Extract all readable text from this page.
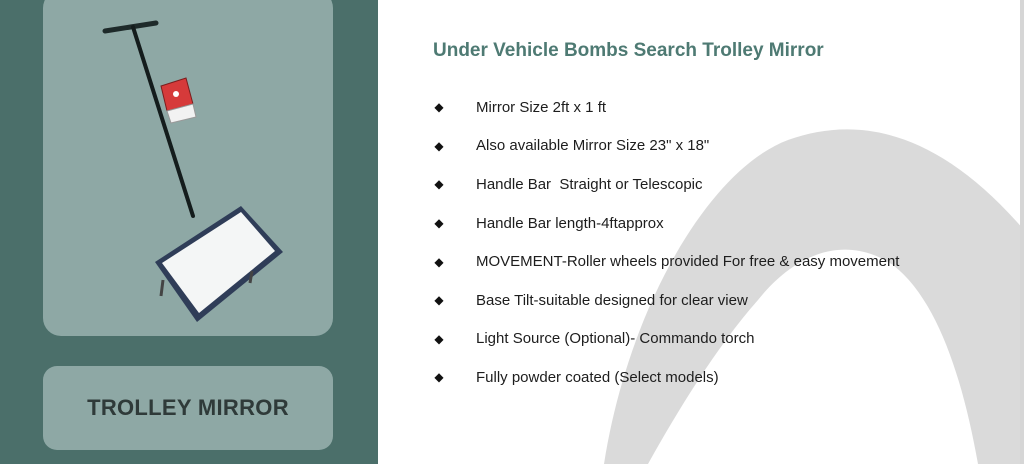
TROLLEY MIRROR
Under Vehicle Bombs Search Trolley Mirror
◆ Mirror Size 2ft x 1 ft
◆ Also available Mirror Size 23" x 18"
◆ Handle Bar  Straight or Telescopic
◆ Handle Bar length-4ftapprox
◆ MOVEMENT-Roller wheels provided For free & easy movement
◆ Base Tilt-suitable designed for clear view
◆ Light Source (Optional)- Commando torch
◆ Fully powder coated (Select models)
